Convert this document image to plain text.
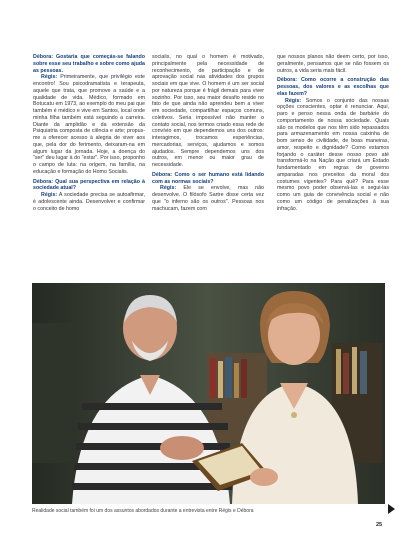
Débora: Gostaria que começás-se falando sobre esse seu trabalho e sobre como ajuda as pessoas.

Régis: Primeiramente, que privilégio este encontro! Sou psicodramatista e terapeuta, aquele que trata, que promove a saúde e a qualidade de vida. Médico, formado em Botucatu em 1973, ao exemplo do meu pai que também é médico e vive em Santos, local onde minha filha também está seguindo a carreira. Diante da amplidão e da extensão da Psiquiatria composta de ciência e arte; propus-me a oferecer acesso à alegria de viver aos que, pela dor do ferimento, deixaram-na em algum lugar da jornada. Hoje, a doença do "ser" deu lugar à do "estar". Por isso, proponho o campo de luta: na origem, na família, na educação e formação do Homo Socialis.

Débora: Qual sua perspectiva em relação à sociedade atual?

Régis: A sociedade precisa se autoafirmar, é adolescente ainda. Desenvolver e confirmar o conceito de homo

socialis, no qual o homem é motivado, principalmente pela necessidade de reconhecimento, de participação e de aprovação social nas atividades dos grupos sociais em que vive. O homem é um ser social por natureza porque é frágil demais para viver sozinho. Por isso, seu maior desafio reside no fato de que ainda não aprendeu bem a viver em sociedade, compartilhar espaços comuns, coletivos. Seria impossível não manter o contato social, nos termos criado essa rede de convívio em que dependemos uns dos outros: interagimos, trocamos experiências, mercadorias, serviços, ajudamos e somos ajudados. Sempre dependemos uns dos outros, em menor ou maior grau de necessidade.

Débora: Como o ser humano está lidando com as normas sociais?

Régis: Ele se envolve, mas não desenvolve. O filósofo Sartre disse certa vez que "o inferno são os outros". Pessoas nos machucam, fazem com

que nossos planos não deem certo, por isso, geralmente, pensamos que se não fossem os outros, a vida seria mais fácil.

Débora: Como ocorre a construção das pessoas, dos valores e as escolhas que elas fazem?

Régis: Somos o conjunto das nossas opções conscientes, optar é renunciar. Aqui, paro e penso nessa onda de barbárie do comportamento de nossa sociedade. Quais são os modelos que nos têm sido repassados para armazenamento em nossa caixinha de bom senso de civilidade, de boas maneiras, amor, respeito e dignidade? Como estamos forjando o caráter desse nosso povo até transformá-lo na Nação que criará um Estado fundamentado em regras de governo amparadas nos preceitos da moral dos costumes vigentes? Para quê? Para esse mesmo povo poder observá-las e segui-las como um guia de convivência social e não como um código de penalizações à sua infração.

Realidade social também foi um dos assuntos abordados durante a entrevista entre Régis e Débora
25
